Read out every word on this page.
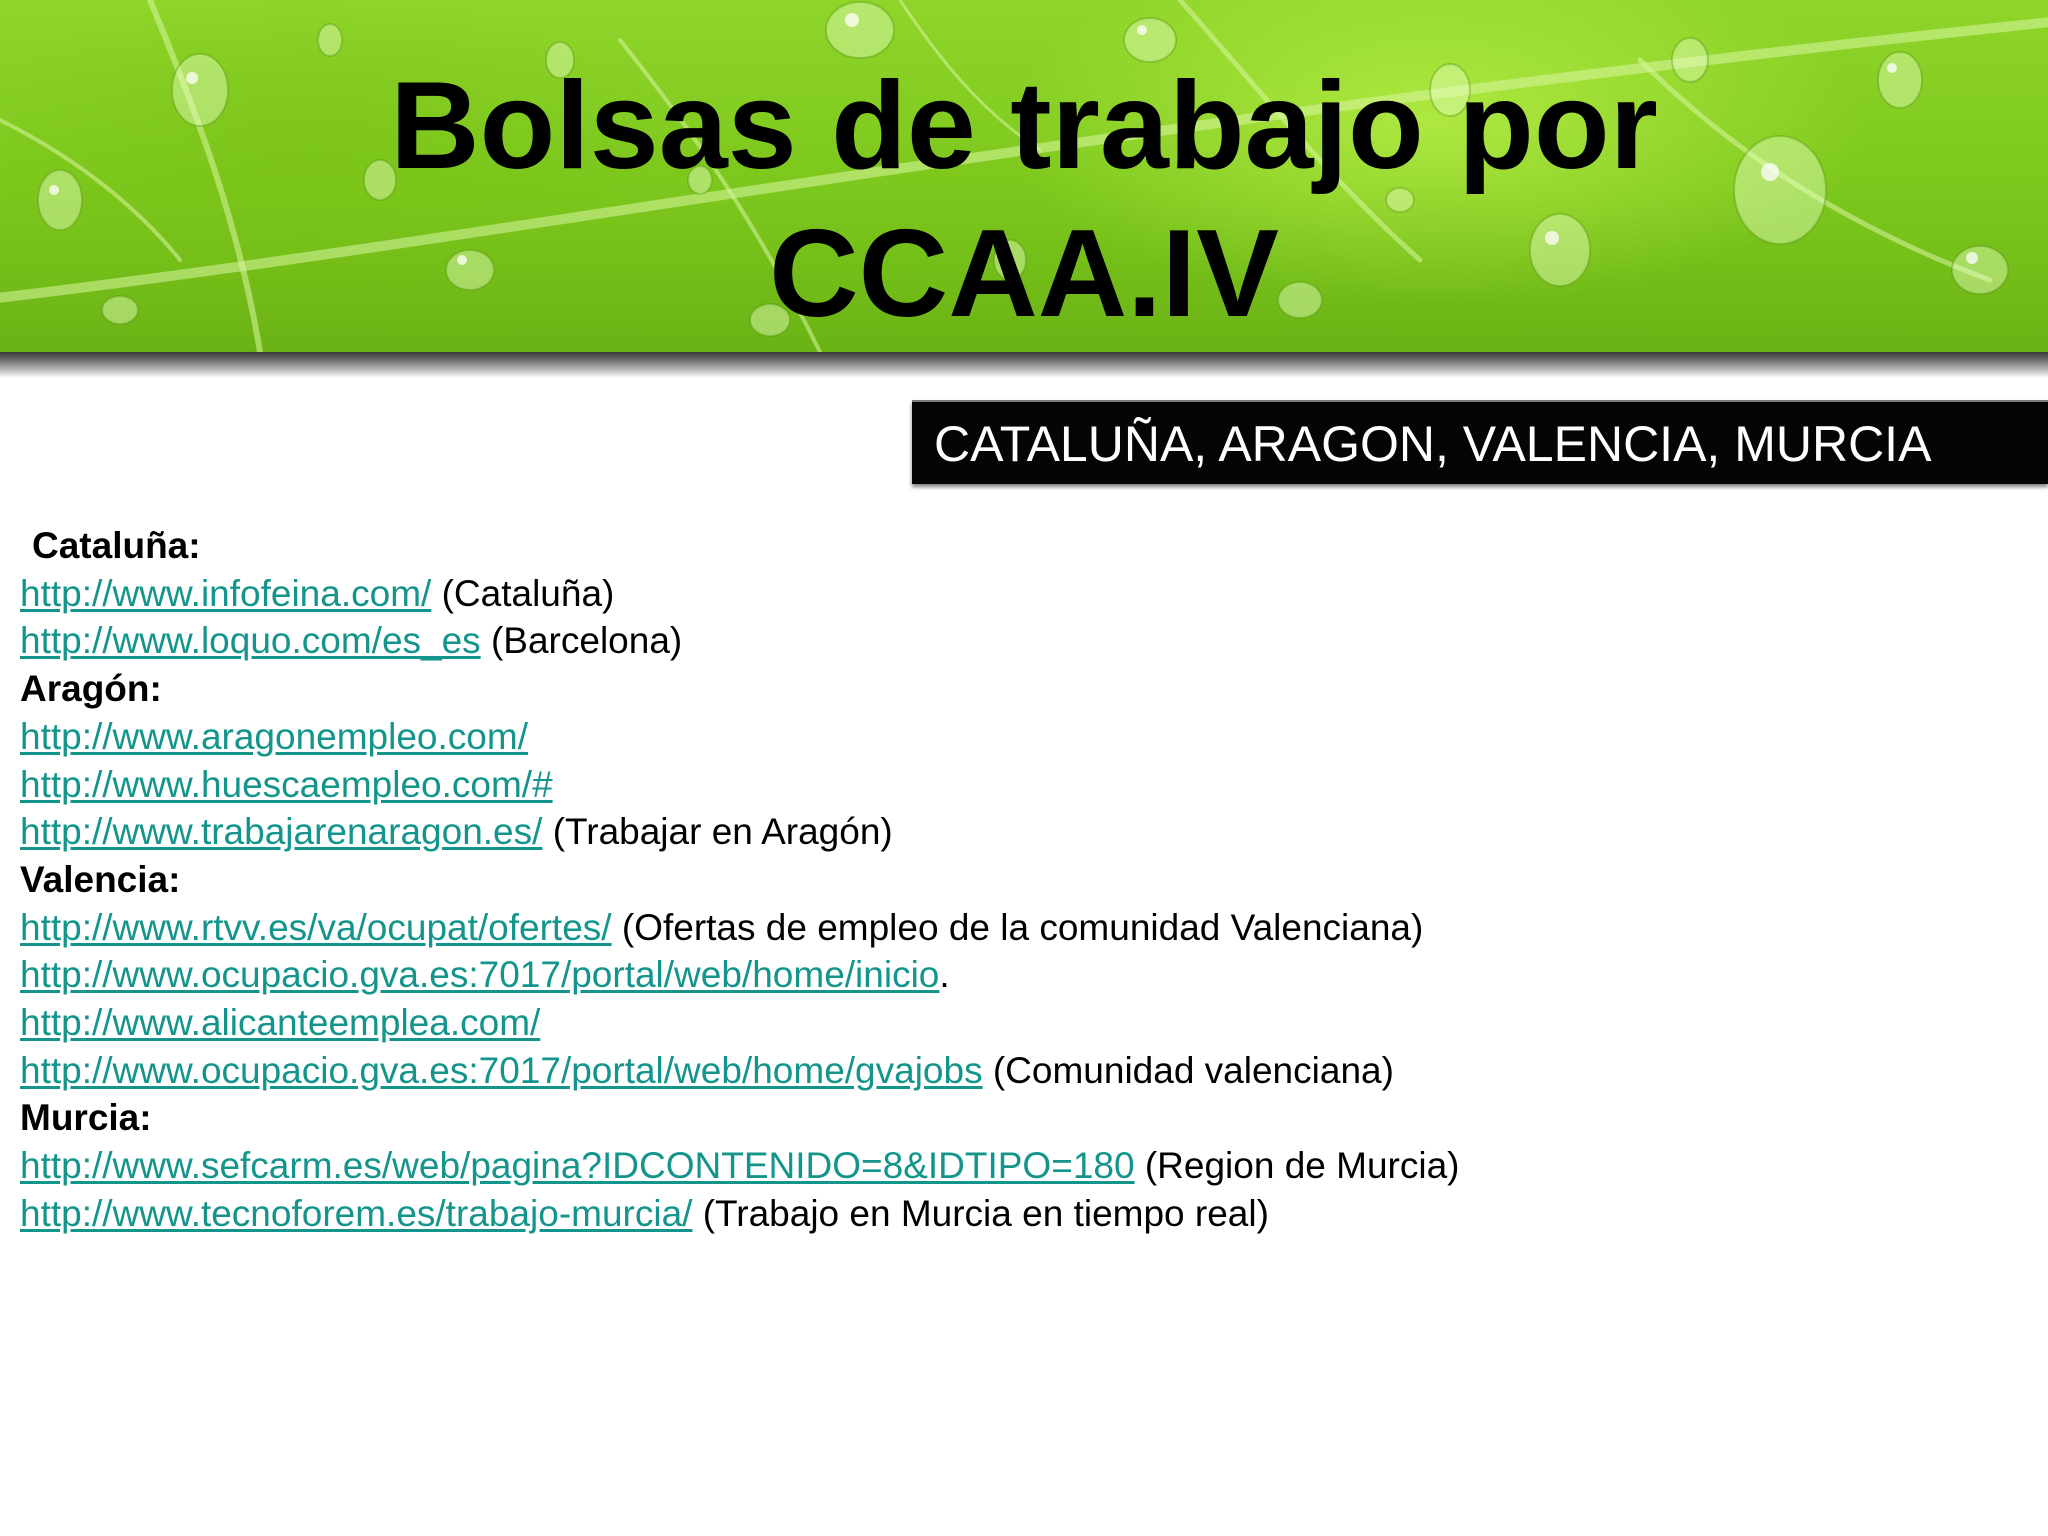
Bolsas de trabajo por
CCAA.IV
CATALUÑA, ARAGON, VALENCIA, MURCIA
Cataluña:
http://www.infofeina.com/ (Cataluña)
http://www.loquo.com/es_es (Barcelona)
Aragón:
http://www.aragonempleo.com/
http://www.huescaempleo.com/#
http://www.trabajarenaragon.es/ (Trabajar en Aragón)
Valencia:
http://www.rtvv.es/va/ocupat/ofertes/ (Ofertas de empleo de la comunidad Valenciana)
http://www.ocupacio.gva.es:7017/portal/web/home/inicio.
http://www.alicanteemplea.com/
http://www.ocupacio.gva.es:7017/portal/web/home/gvajobs (Comunidad valenciana)
Murcia:
http://www.sefcarm.es/web/pagina?IDCONTENIDO=8&IDTIPO=180 (Region de Murcia)
http://www.tecnoforem.es/trabajo-murcia/ (Trabajo en Murcia en tiempo real)
